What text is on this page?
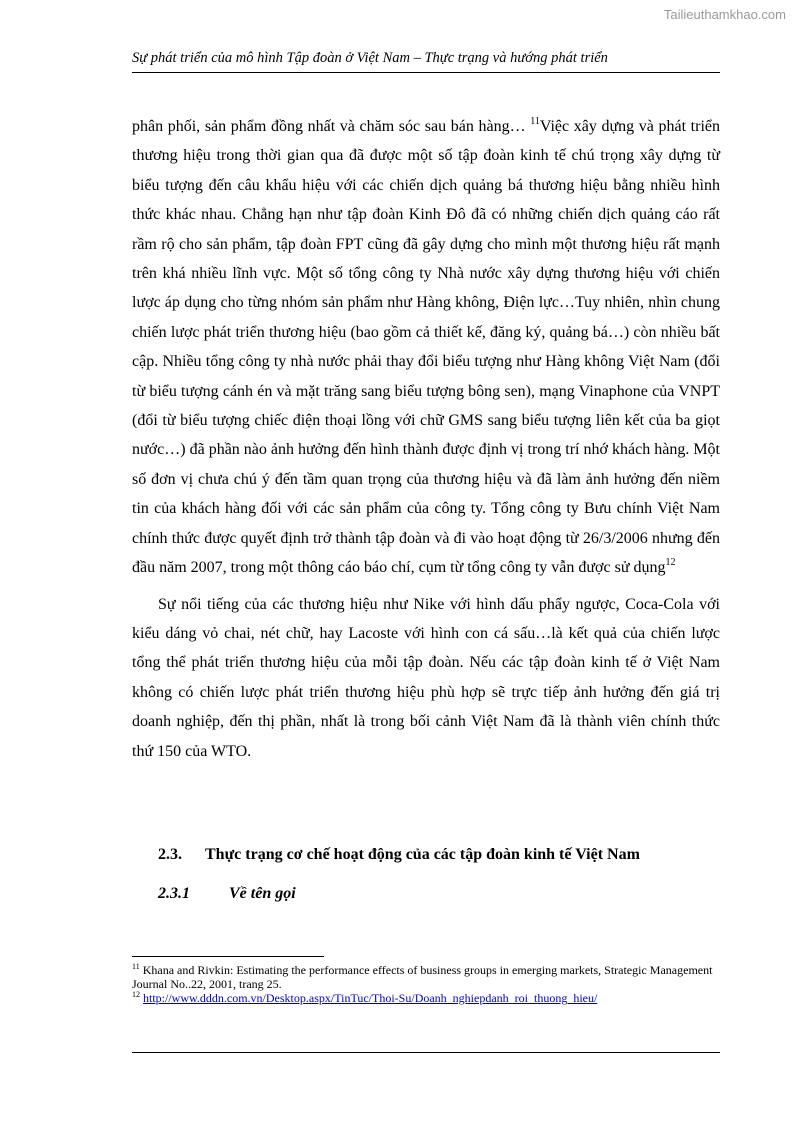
Tailieuthamkhao.com
Sự phát triển của mô hình Tập đoàn ở Việt Nam – Thực trạng và hướng phát triển

phân phối, sản phẩm đồng nhất và chăm sóc sau bán hàng… $^{11}$Việc xây dựng và phát triển thương hiệu trong thời gian qua đã được một số tập đoàn kinh tế chú trọng xây dựng từ biểu tượng đến câu khẩu hiệu với các chiến dịch quảng bá thương hiệu bằng nhiều hình thức khác nhau. Chẳng hạn như tập đoàn Kinh Đô đã có những chiến dịch quảng cáo rất rầm rộ cho sản phẩm, tập đoàn FPT cũng đã gây dựng cho mình một thương hiệu rất mạnh trên khá nhiều lĩnh vực. Một số tổng công ty Nhà nước xây dựng thương hiệu với chiến lược áp dụng cho từng nhóm sản phẩm như Hàng không, Điện lực…Tuy nhiên, nhìn chung chiến lược phát triển thương hiệu (bao gồm cả thiết kế, đăng ký, quảng bá…) còn nhiều bất cập. Nhiều tổng công ty nhà nước phải thay đổi biểu tượng như Hàng không Việt Nam (đổi từ biểu tượng cánh én và mặt trăng sang biểu tượng bông sen), mạng Vinaphone của VNPT (đổi từ biểu tượng chiếc điện thoại lồng với chữ GMS sang biểu tượng liên kết của ba giọt nước…) đã phần nào ảnh hưởng đến hình thành được định vị trong trí nhớ khách hàng. Một số đơn vị chưa chú ý đến tầm quan trọng của thương hiệu và đã làm ảnh hưởng đến niềm tin của khách hàng đối với các sản phẩm của công ty. Tổng công ty Bưu chính Việt Nam chính thức được quyết định trở thành tập đoàn và đi vào hoạt động từ 26/3/2006 nhưng đến đầu năm 2007, trong một thông cáo báo chí, cụm từ tổng công ty vẫn được sử dụng$^{12}$

Sự nổi tiếng của các thương hiệu như Nike với hình dấu phẩy ngược, Coca-Cola với kiểu dáng vỏ chai, nét chữ, hay Lacoste với hình con cá sấu…là kết quả của chiến lược tổng thể phát triển thương hiệu của mỗi tập đoàn. Nếu các tập đoàn kinh tế ở Việt Nam không có chiến lược phát triển thương hiệu phù hợp sẽ trực tiếp ảnh hưởng đến giá trị doanh nghiệp, đến thị phần, nhất là trong bối cảnh Việt Nam đã là thành viên chính thức thứ 150 của WTO.

2.3. Thực trạng cơ chế hoạt động của các tập đoàn kinh tế Việt Nam
2.3.1 Về tên gọi
$^{11}$ Khana and Rivkin: Estimating the performance effects of business groups in emerging markets, Strategic Management Journal No..22, 2001, trang 25.
$^{12}$ http://www.dddn.com.vn/Desktop.aspx/TinTuc/Thoi-Su/Doanh_nghiepdanh_roi_thuong_hieu/
